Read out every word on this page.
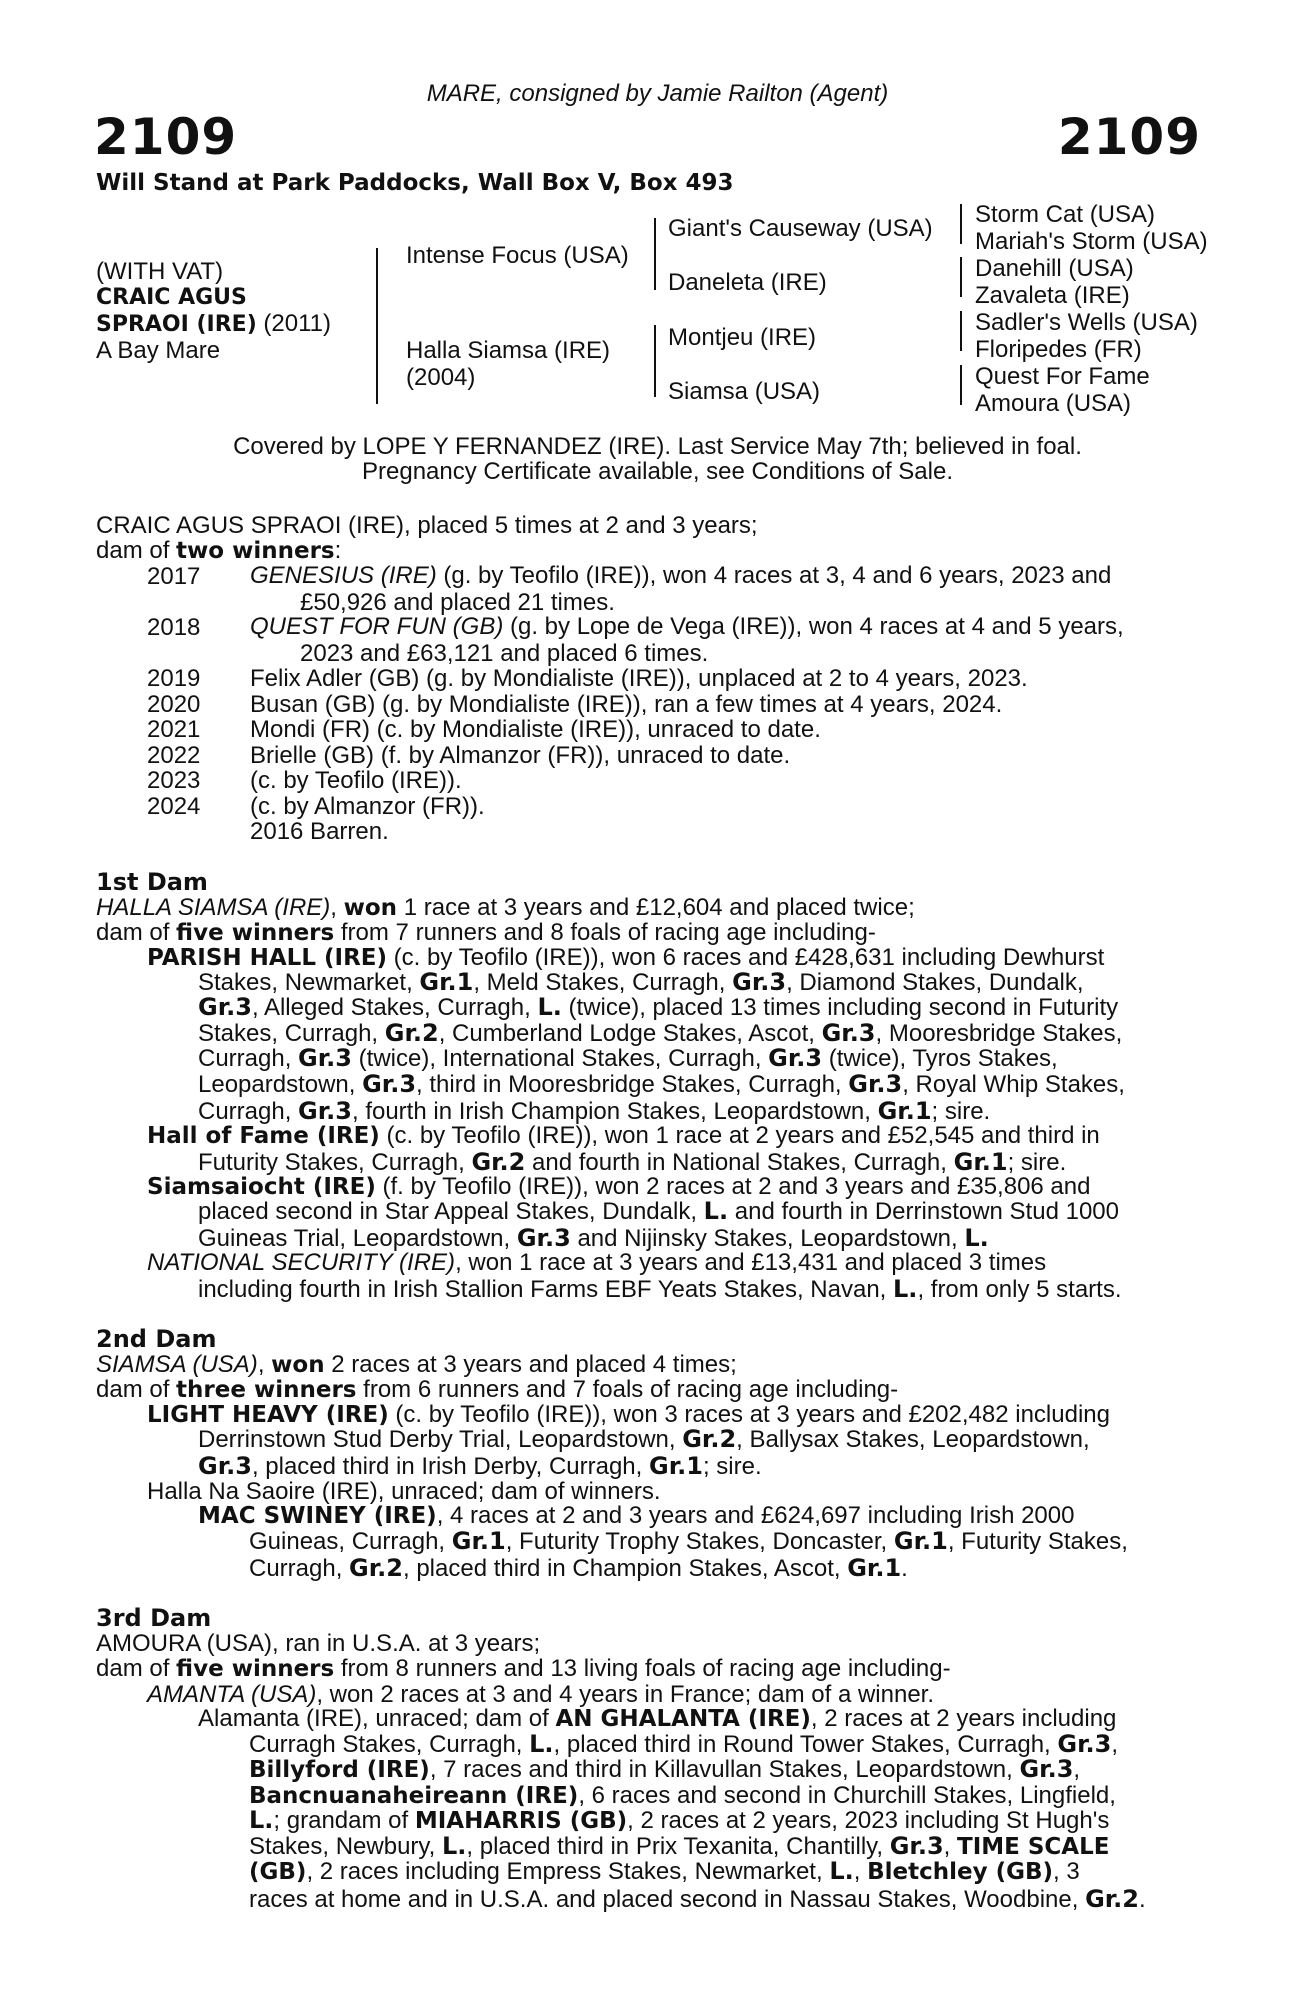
MARE, consigned by Jamie Railton (Agent)
2109	2109
Will Stand at Park Paddocks, Wall Box V, Box 493
(WITH VAT)
CRAIC AGUS
SPRAOI (IRE) (2011)
A Bay Mare
Intense Focus (USA)
Halla Siamsa (IRE)
(2004)
Giant's Causeway (USA)
Daneleta (IRE)
Montjeu (IRE)
Siamsa (USA)
Storm Cat (USA)
Mariah's Storm (USA)
Danehill (USA)
Zavaleta (IRE)
Sadler's Wells (USA)
Floripedes (FR)
Quest For Fame
Amoura (USA)
Covered by LOPE Y FERNANDEZ (IRE). Last Service May 7th; believed in foal.
Pregnancy Certificate available, see Conditions of Sale.
CRAIC AGUS SPRAOI (IRE), placed 5 times at 2 and 3 years;
dam of two winners:
2017 GENESIUS (IRE) (g. by Teofilo (IRE)), won 4 races at 3, 4 and 6 years, 2023 and
£50,926 and placed 21 times.
2018 QUEST FOR FUN (GB) (g. by Lope de Vega (IRE)), won 4 races at 4 and 5 years,
2023 and £63,121 and placed 6 times.
2019 Felix Adler (GB) (g. by Mondialiste (IRE)), unplaced at 2 to 4 years, 2023.
2020 Busan (GB) (g. by Mondialiste (IRE)), ran a few times at 4 years, 2024.
2021 Mondi (FR) (c. by Mondialiste (IRE)), unraced to date.
2022 Brielle (GB) (f. by Almanzor (FR)), unraced to date.
2023 (c. by Teofilo (IRE)).
2024 (c. by Almanzor (FR)).
2016 Barren.
1st Dam
HALLA SIAMSA (IRE), won 1 race at 3 years and £12,604 and placed twice;
dam of five winners from 7 runners and 8 foals of racing age including-
PARISH HALL (IRE) (c. by Teofilo (IRE)), won 6 races and £428,631 including Dewhurst
Stakes, Newmarket, Gr.1, Meld Stakes, Curragh, Gr.3, Diamond Stakes, Dundalk,
Gr.3, Alleged Stakes, Curragh, L. (twice), placed 13 times including second in Futurity
Stakes, Curragh, Gr.2, Cumberland Lodge Stakes, Ascot, Gr.3, Mooresbridge Stakes,
Curragh, Gr.3 (twice), International Stakes, Curragh, Gr.3 (twice), Tyros Stakes,
Leopardstown, Gr.3, third in Mooresbridge Stakes, Curragh, Gr.3, Royal Whip Stakes,
Curragh, Gr.3, fourth in Irish Champion Stakes, Leopardstown, Gr.1; sire.
Hall of Fame (IRE) (c. by Teofilo (IRE)), won 1 race at 2 years and £52,545 and third in
Futurity Stakes, Curragh, Gr.2 and fourth in National Stakes, Curragh, Gr.1; sire.
Siamsaiocht (IRE) (f. by Teofilo (IRE)), won 2 races at 2 and 3 years and £35,806 and
placed second in Star Appeal Stakes, Dundalk, L. and fourth in Derrinstown Stud 1000
Guineas Trial, Leopardstown, Gr.3 and Nijinsky Stakes, Leopardstown, L.
NATIONAL SECURITY (IRE), won 1 race at 3 years and £13,431 and placed 3 times
including fourth in Irish Stallion Farms EBF Yeats Stakes, Navan, L., from only 5 starts.
2nd Dam
SIAMSA (USA), won 2 races at 3 years and placed 4 times;
dam of three winners from 6 runners and 7 foals of racing age including-
LIGHT HEAVY (IRE) (c. by Teofilo (IRE)), won 3 races at 3 years and £202,482 including
Derrinstown Stud Derby Trial, Leopardstown, Gr.2, Ballysax Stakes, Leopardstown,
Gr.3, placed third in Irish Derby, Curragh, Gr.1; sire.
Halla Na Saoire (IRE), unraced; dam of winners.
MAC SWINEY (IRE), 4 races at 2 and 3 years and £624,697 including Irish 2000
Guineas, Curragh, Gr.1, Futurity Trophy Stakes, Doncaster, Gr.1, Futurity Stakes,
Curragh, Gr.2, placed third in Champion Stakes, Ascot, Gr.1.
3rd Dam
AMOURA (USA), ran in U.S.A. at 3 years;
dam of five winners from 8 runners and 13 living foals of racing age including-
AMANTA (USA), won 2 races at 3 and 4 years in France; dam of a winner.
Alamanta (IRE), unraced; dam of AN GHALANTA (IRE), 2 races at 2 years including
Curragh Stakes, Curragh, L., placed third in Round Tower Stakes, Curragh, Gr.3,
Billyford (IRE), 7 races and third in Killavullan Stakes, Leopardstown, Gr.3,
Bancnuanaheireann (IRE), 6 races and second in Churchill Stakes, Lingfield,
L.; grandam of MIAHARRIS (GB), 2 races at 2 years, 2023 including St Hugh's
Stakes, Newbury, L., placed third in Prix Texanita, Chantilly, Gr.3, TIME SCALE
(GB), 2 races including Empress Stakes, Newmarket, L., Bletchley (GB), 3
races at home and in U.S.A. and placed second in Nassau Stakes, Woodbine, Gr.2.
